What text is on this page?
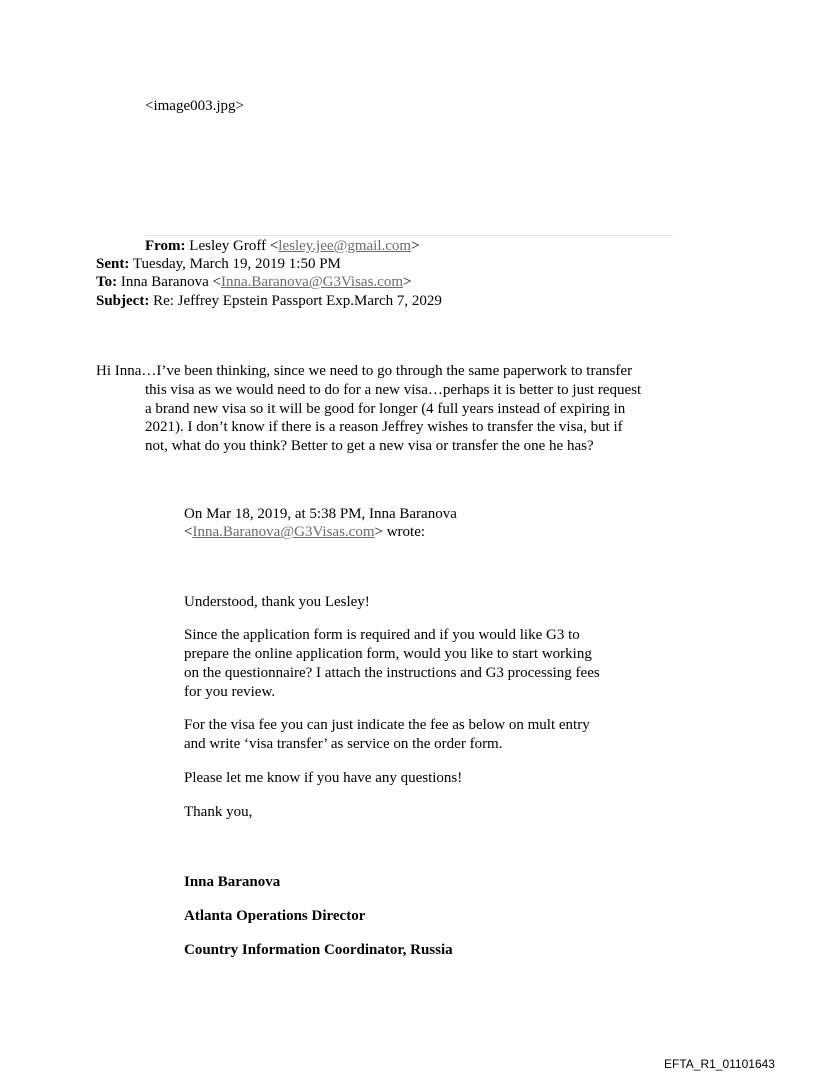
<image003.jpg>

From: Lesley Groff <lesley.jee@gmail.com>

Sent: Tuesday, March 19, 2019 1:50 PM

To: Inna Baranova <Inna.Baranova@G3Visas.com>

Subject: Re: Jeffrey Epstein Passport Exp.March 7, 2029

Hi Inna…I’ve been thinking, since we need to go through the same paperwork to transfer

this visa as we would need to do for a new visa…perhaps it is better to just request

a brand new visa so it will be good for longer (4 full years instead of expiring in

2021). I don’t know if there is a reason Jeffrey wishes to transfer the visa, but if

not, what do you think? Better to get a new visa or transfer the one he has?

On Mar 18, 2019, at 5:38 PM, Inna Baranova

<Inna.Baranova@G3Visas.com> wrote:

Understood, thank you Lesley!

Since the application form is required and if you would like G3 to

prepare the online application form, would you like to start working

on the questionnaire? I attach the instructions and G3 processing fees

for you review.

For the visa fee you can just indicate the fee as below on mult entry

and write ‘visa transfer’ as service on the order form.

Please let me know if you have any questions!

Thank you,

Inna Baranova

Atlanta Operations Director

Country Information Coordinator, Russia

EFTA_R1_01101643
